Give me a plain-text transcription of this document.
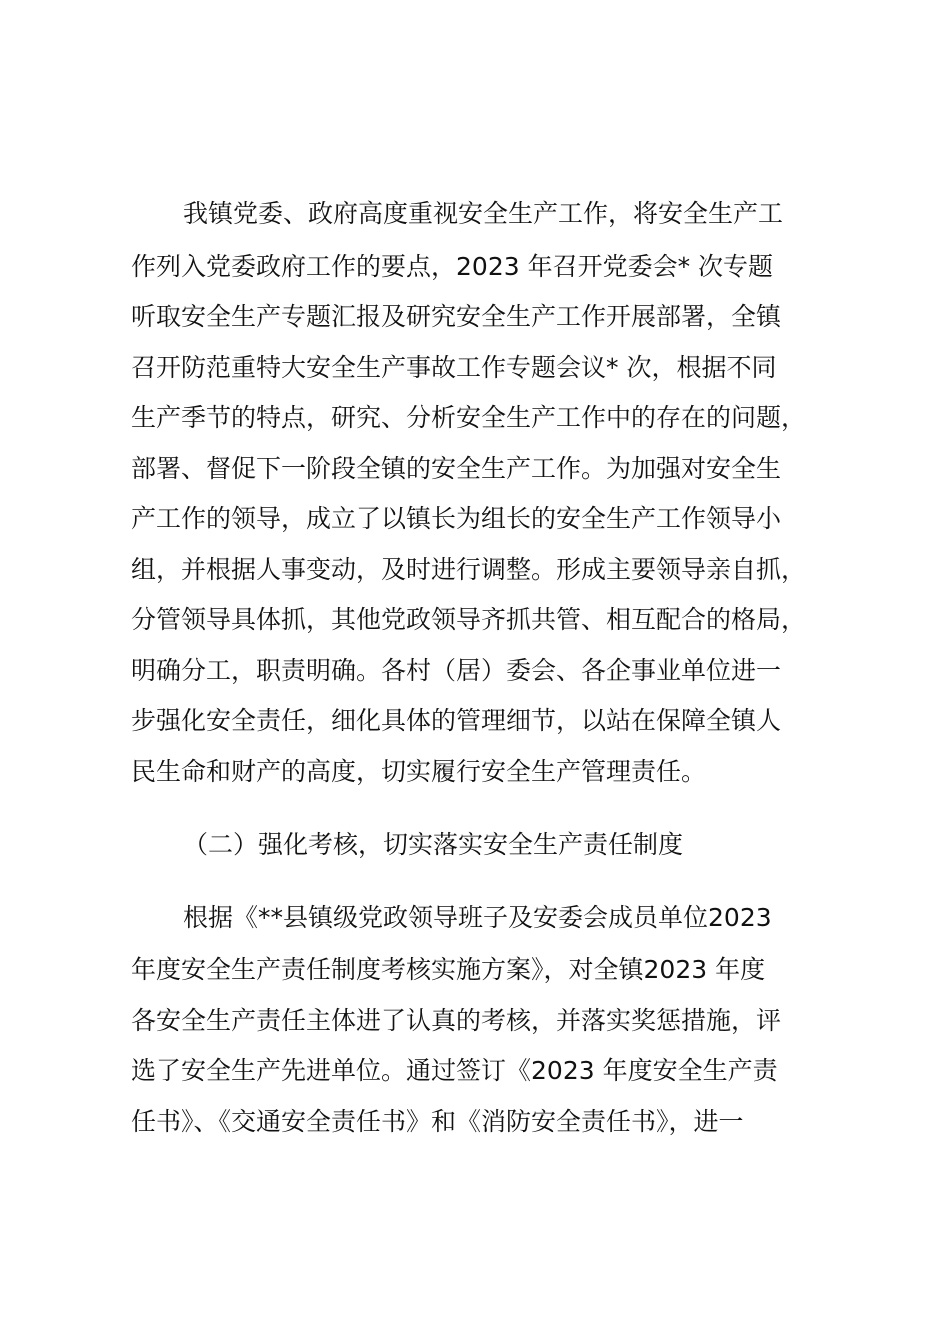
我镇党委、政府高度重视安全生产工作，将安全生产工
作列入党委政府工作的要点，2023 年召开党委会* 次专题
听取安全生产专题汇报及研究安全生产工作开展部署，全镇
召开防范重特大安全生产事故工作专题会议* 次，根据不同
生产季节的特点，研究、分析安全生产工作中的存在的问题，
部署、督促下一阶段全镇的安全生产工作。为加强对安全生
产工作的领导，成立了以镇长为组长的安全生产工作领导小
组，并根据人事变动，及时进行调整。形成主要领导亲自抓，
分管领导具体抓，其他党政领导齐抓共管、相互配合的格局，
明确分工，职责明确。各村（居）委会、各企事业单位进一
步强化安全责任，细化具体的管理细节，以站在保障全镇人
民生命和财产的高度，切实履行安全生产管理责任。
（二）强化考核，切实落实安全生产责任制度
根据《**县镇级党政领导班子及安委会成员单位2023
年度安全生产责任制度考核实施方案》，对全镇2023 年度
各安全生产责任主体进了认真的考核，并落实奖惩措施，评
选了安全生产先进单位。通过签订《2023 年度安全生产责
任书》、《交通安全责任书》和《消防安全责任书》，进一
